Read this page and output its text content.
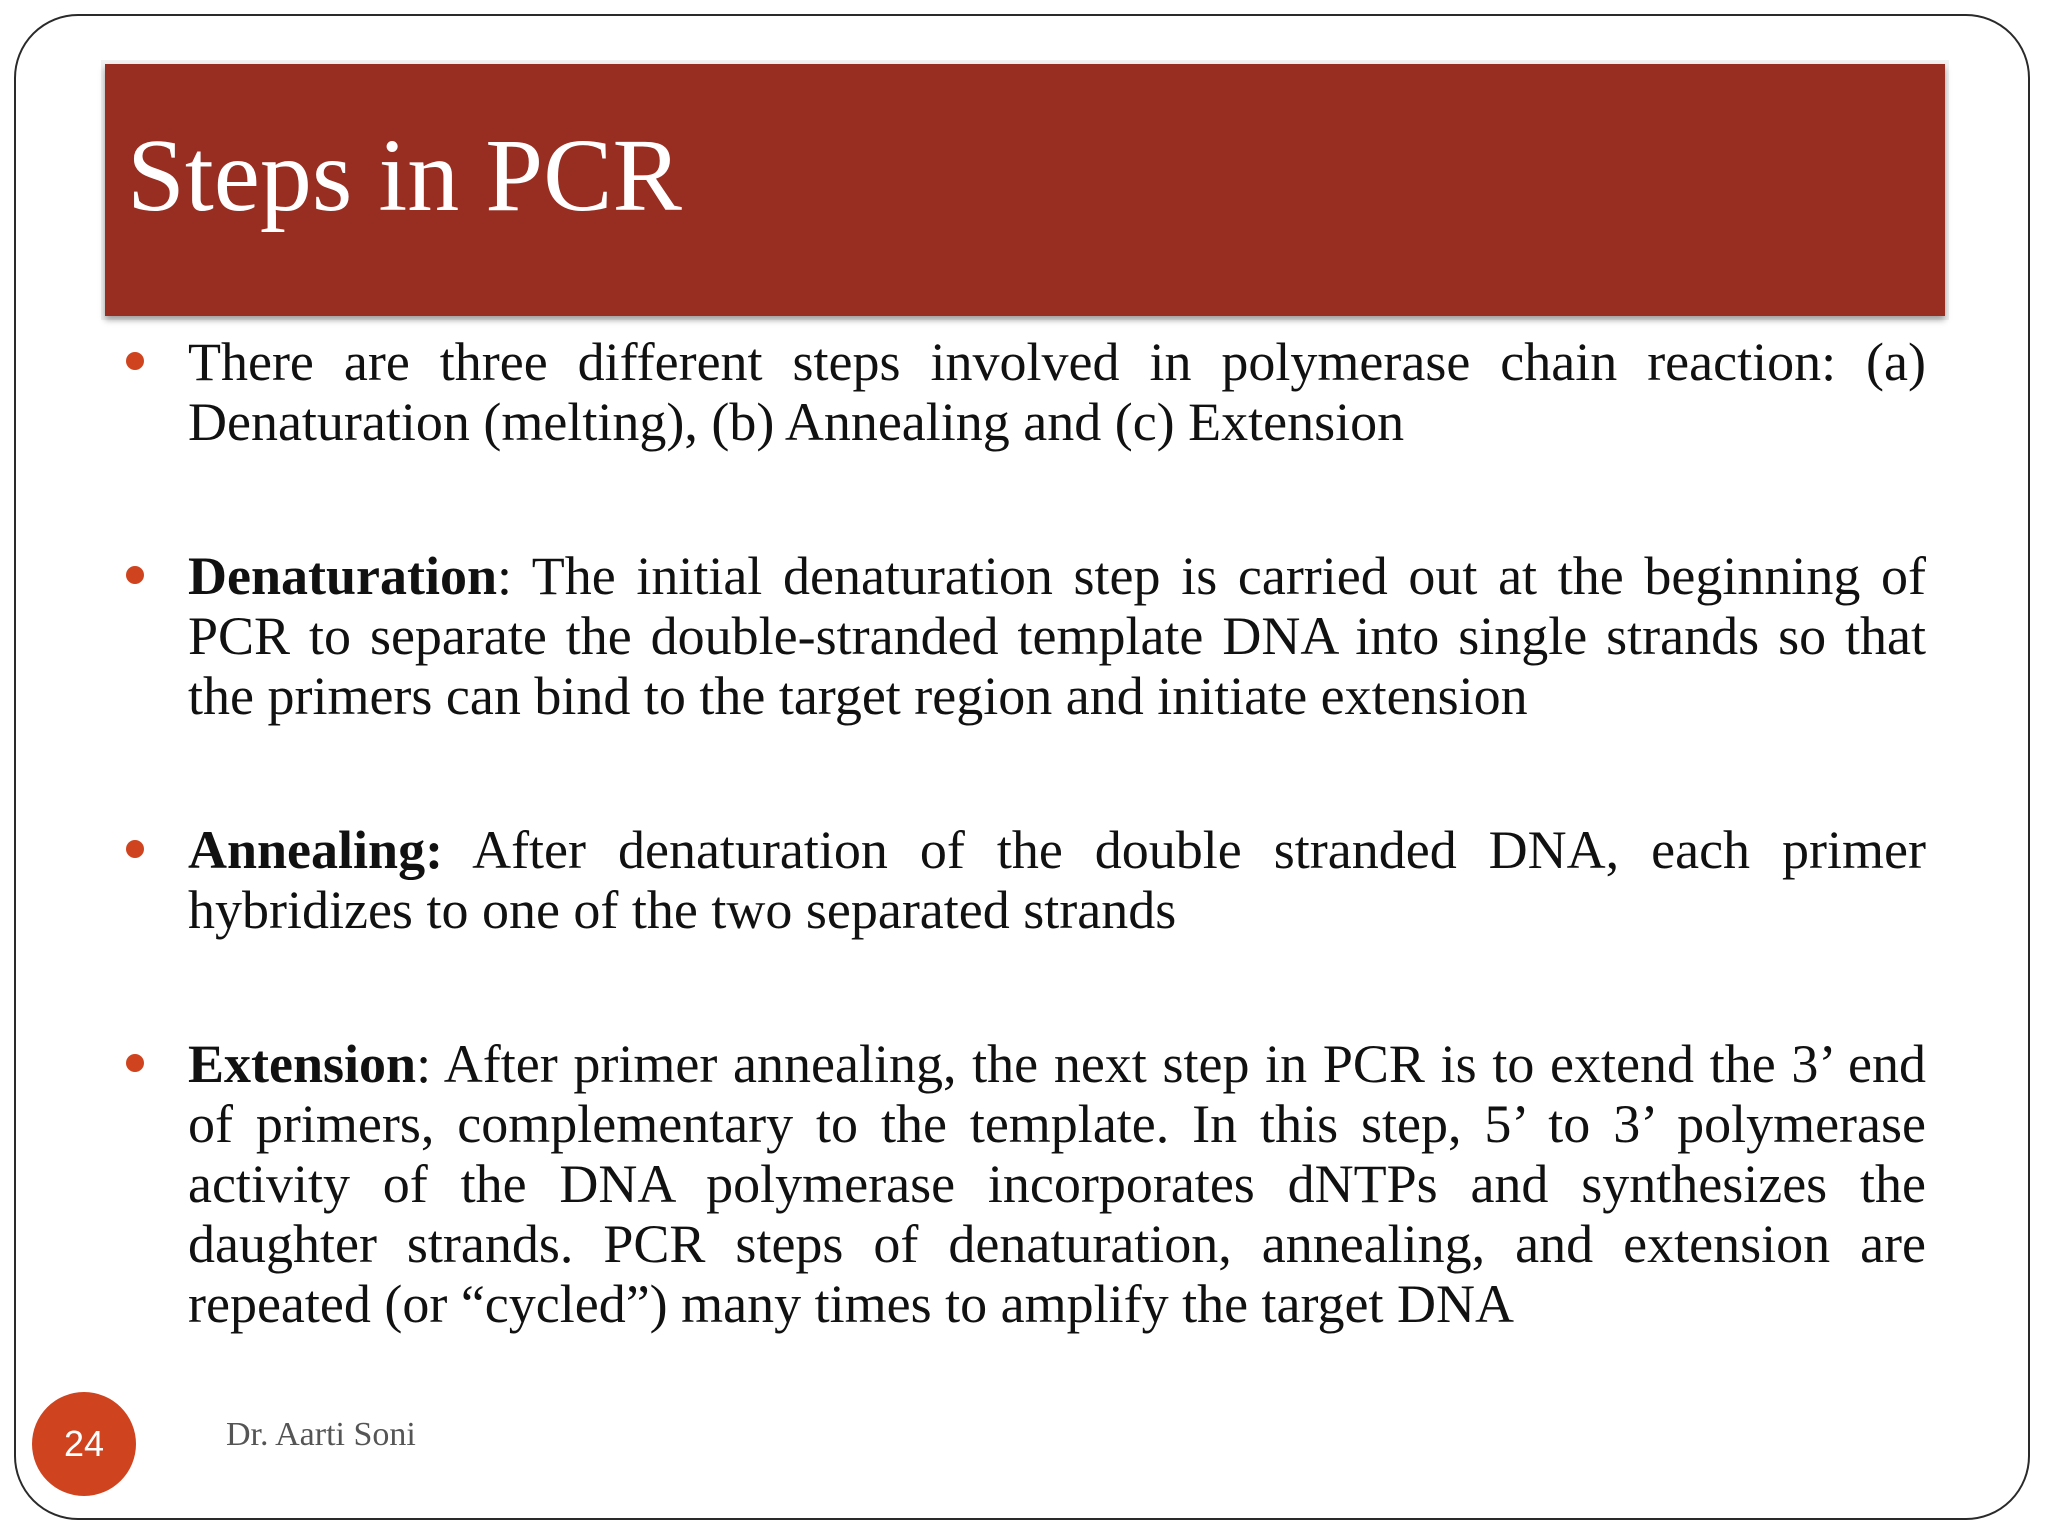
Steps in PCR
There are three different steps involved in polymerase chain reaction: (a) Denaturation (melting), (b) Annealing and (c) Extension
Denaturation: The initial denaturation step is carried out at the beginning of PCR to separate the double-stranded template DNA into single strands so that the primers can bind to the target region and initiate extension
Annealing: After denaturation of the double stranded DNA, each primer hybridizes to one of the two separated strands
Extension: After primer annealing, the next step in PCR is to extend the 3’ end of primers, complementary to the template. In this step, 5’ to 3’ polymerase activity of the DNA polymerase incorporates dNTPs and synthesizes the daughter strands. PCR steps of denaturation, annealing, and extension are repeated (or “cycled”) many times to amplify the target DNA
24	Dr. Aarti Soni
